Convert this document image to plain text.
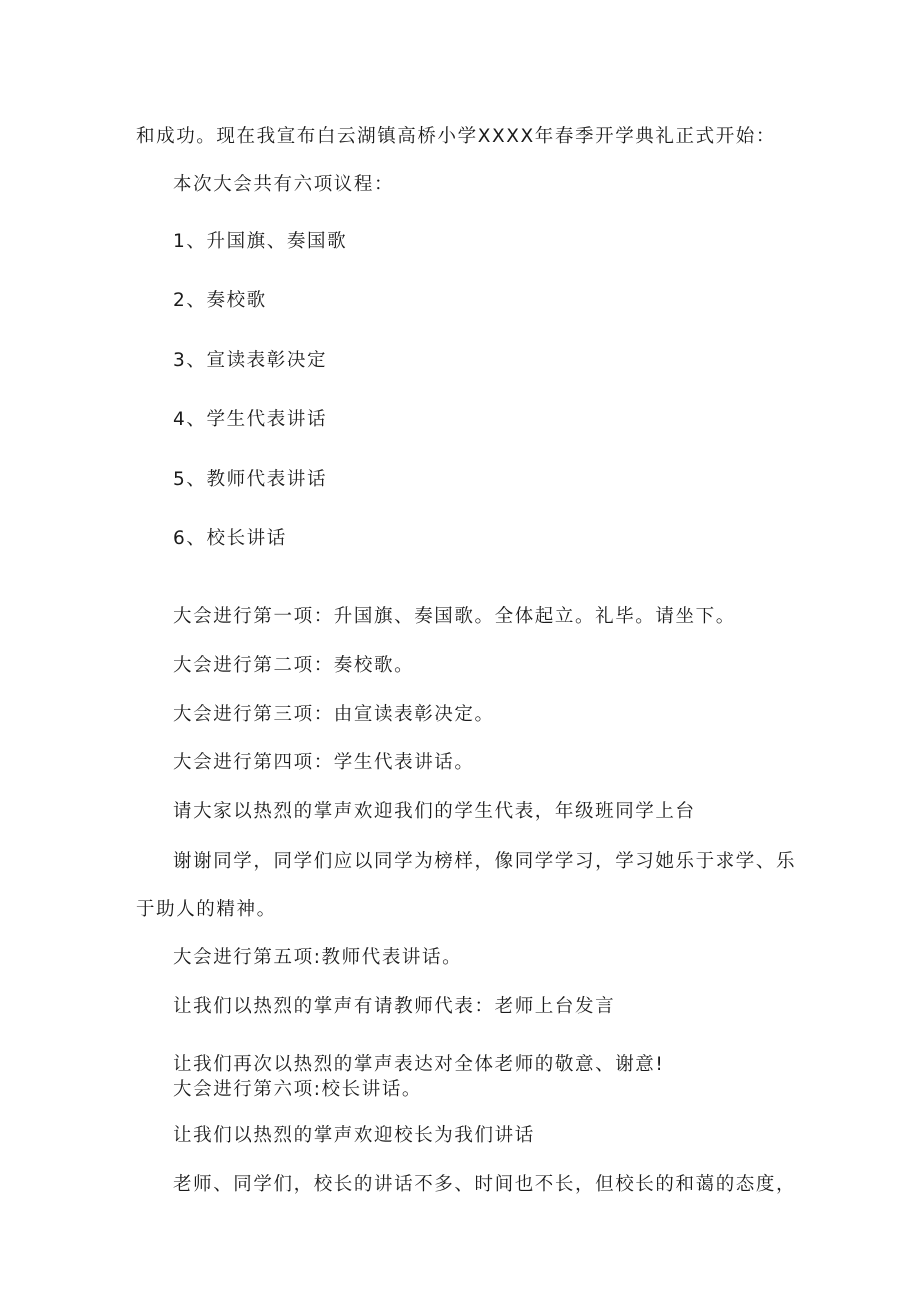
和成功。现在我宣布白云湖镇高桥小学XXXX年春季开学典礼正式开始：

本次大会共有六项议程：

1、升国旗、奏国歌

2、奏校歌

3、宣读表彰决定

4、学生代表讲话

5、教师代表讲话

6、校长讲话

大会进行第一项：升国旗、奏国歌。全体起立。礼毕。请坐下。

大会进行第二项：奏校歌。

大会进行第三项：由宣读表彰决定。

大会进行第四项：学生代表讲话。

请大家以热烈的掌声欢迎我们的学生代表，年级班同学上台

谢谢同学，同学们应以同学为榜样，像同学学习，学习她乐于求学、乐

于助人的精神。

大会进行第五项:教师代表讲话。

让我们以热烈的掌声有请教师代表：老师上台发言

让我们再次以热烈的掌声表达对全体老师的敬意、谢意!

大会进行第六项:校长讲话。

让我们以热烈的掌声欢迎校长为我们讲话

老师、同学们，校长的讲话不多、时间也不长，但校长的和蔼的态度，
